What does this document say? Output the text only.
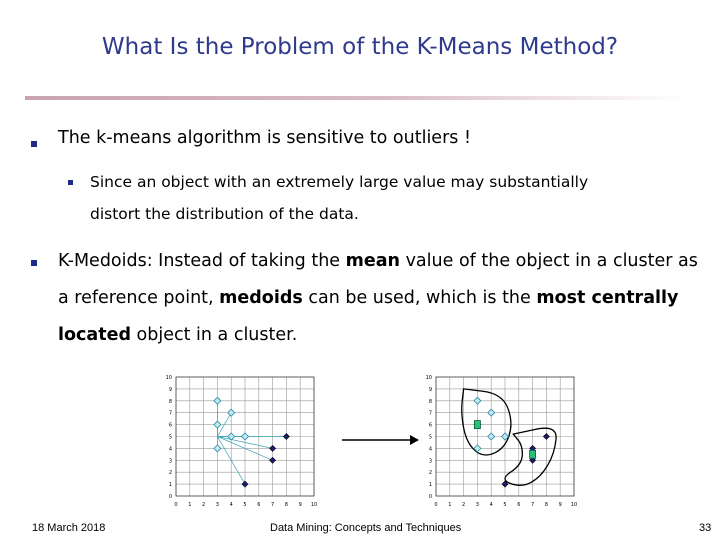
What Is the Problem of the K-Means Method?
The k-means algorithm is sensitive to outliers !
Since an object with an extremely large value may substantially
distort the distribution of the data.
K-Medoids: Instead of taking the mean value of the object in a cluster as a reference point, medoids can be used, which is the most centrally located object in a cluster.
0 1 2 3 4 5 6 7 8 9 10
0
1
2
3
4
5
6
7
8
9
10
0 1 2 3 4 5 6 7 8 9 10
0
1
2
3
4
5
6
7
8
9
10
18 March 2018	Data Mining: Concepts and Techniques	33
